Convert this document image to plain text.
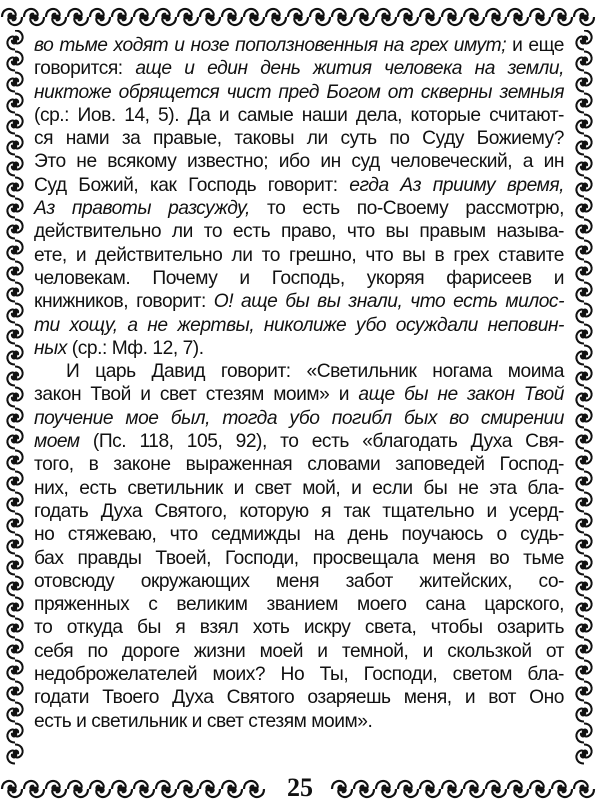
во тьме ходят и нозе поползновенныя на грех имут; и еще
говорится: аще и един день жития человека на земли,
никтоже обрящется чист пред Богом от скверны земныя
(ср.: Иов. 14, 5). Да и самые наши дела, которые считают-
ся нами за правые, таковы ли суть по Суду Божиему?
Это не всякому известно; ибо ин суд человеческий, а ин
Суд Божий, как Господь говорит: егда Аз прииму время,
Аз правоты разсужду, то есть по-Своему рассмотрю,
действительно ли то есть право, что вы правым называ-
ете, и действительно ли то грешно, что вы в грех ставите
человекам. Почему и Господь, укоряя фарисеев и
книжников, говорит: О! аще бы вы знали, что есть милос-
ти хощу, а не жертвы, николиже убо осуждали неповин-
ных (ср.: Мф. 12, 7).
И царь Давид говорит: «Светильник ногама моима
закон Твой и свет стезям моим» и аще бы не закон Твой
поучение мое был, тогда убо погибл бых во смирении
моем (Пс. 118, 105, 92), то есть «благодать Духа Свя-
того, в законе выраженная словами заповедей Господ-
них, есть светильник и свет мой, и если бы не эта бла-
годать Духа Святого, которую я так тщательно и усерд-
но стяжеваю, что седмижды на день поучаюсь о судь-
бах правды Твоей, Господи, просвещала меня во тьме
отовсюду окружающих меня забот житейских, со-
пряженных с великим званием моего сана царского,
то откуда бы я взял хоть искру света, чтобы озарить
себя по дороге жизни моей и темной, и скользкой от
недоброжелателей моих? Но Ты, Господи, светом бла-
годати Твоего Духа Святого озаряешь меня, и вот Оно
есть и светильник и свет стезям моим».
25
